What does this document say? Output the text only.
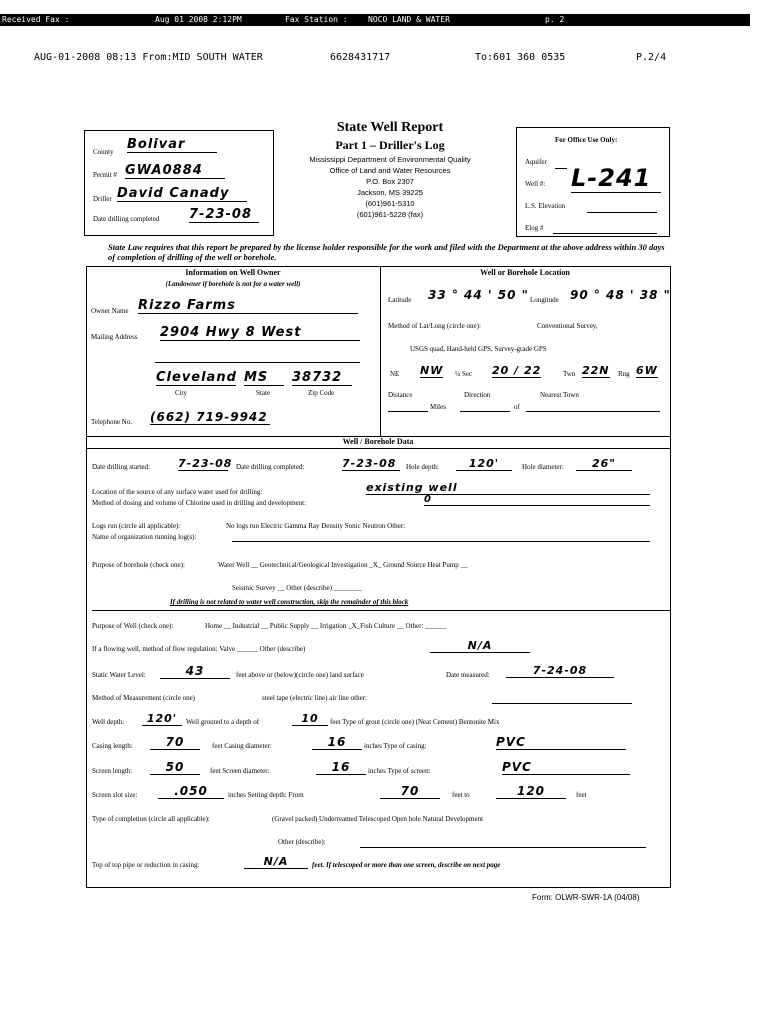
Received Fax :	Aug 01 2008 2:12PM	Fax Station :	NOCO LAND & WATER	p. 2
AUG-01-2008 08:13 From:MID SOUTH WATER	6628431717	To:601 360 0535	P.2/4
County Bolivar
Permit # GWA0884
Driller David Canady
Date drilling completed 7-23-08
State Well Report
Part 1 – Driller's Log
Mississippi Department of Environmental Quality
Office of Land and Water Resources
P.O. Box 2307
Jackson, MS 39225
(601)961-5310
(601)961-5228 (fax)
For Office Use Only:
Aquifer
Well #: L-241
L.S. Elevation
Elog #
State Law requires that this report be prepared by the license holder responsible for the work and filed with the Department at the above address within 30 days of completion of drilling of the well or borehole.
Information on Well Owner
(Landowner if borehole is not for a water well)
Owner Name Rizzo Farms
Mailing Address 2904 Hwy 8 West
Cleveland MS	38732
City	State	Zip Code
Telephone No. (662) 719-9942
Well or Borehole Location
Latitude 33 ° 44 ' 50 " Longitude 90 ° 48 ' 38 "
Method of Lat/Long (circle one):	Conventional Survey,
USGS quad, Hand-held GPS, Survey-grade GPS
NE NW ¼ Sec 20 / 22	Twn 22N Rng 6W
Distance	Direction	Nearest Town
Miles	of
Well / Borehole Data
Date drilling started:	7-23-08 Date drilling completed:	7-23-08	Hole depth:	120'	Hole diameter:	26"
Location of the source of any surface water used for drilling:	existing well
Method of dosing and volume of Chlorine used in drilling and development:	0
Logs run (circle all applicable):	No logs run Electric Gamma Ray Density Sonic Neutron Other:
Name of organization running log(s):
Purpose of borehole (check one):	Water Well __ Geotechnical/Geological Investigation _X_ Ground Source Heat Pump __
Seismic Survey __ Other (describe) ________
If drilling is not related to water well construction, skip the remainder of this block
Purpose of Well (check one):	Home __ Industrial __ Public Supply __ Irrigation _X_Fish Culture __ Other: ______
If a flowing well, method of flow regulation: Valve ______ Other (describe)	N/A
Static Water Level:	43	feet above or (below)(circle one) land surface	Date measured:	7-24-08
Method of Measurement (circle one)	steel tape (electric line) air line other:
Well depth:	120'	Well grouted to a depth of	10	feet Type of grout (circle one) (Neat Cement) Bentonite Mix
Casing length:	70	feet Casing diameter:	16	inches Type of casing:	PVC
Screen length:	50	feet Screen diameter:	16	inches Type of screen:	PVC
Screen slot size:	.050	inches Setting depth: From	70	feet to	120	feet
Type of completion (circle all applicable):	(Gravel packed) Underreamed Telescoped Open hole Natural Development
Other (describe):
Top of top pipe or reduction in casing:	N/A	feet. If telescoped or more than one screen, describe on next page
Form: OLWR-SWR-1A (04/08)
